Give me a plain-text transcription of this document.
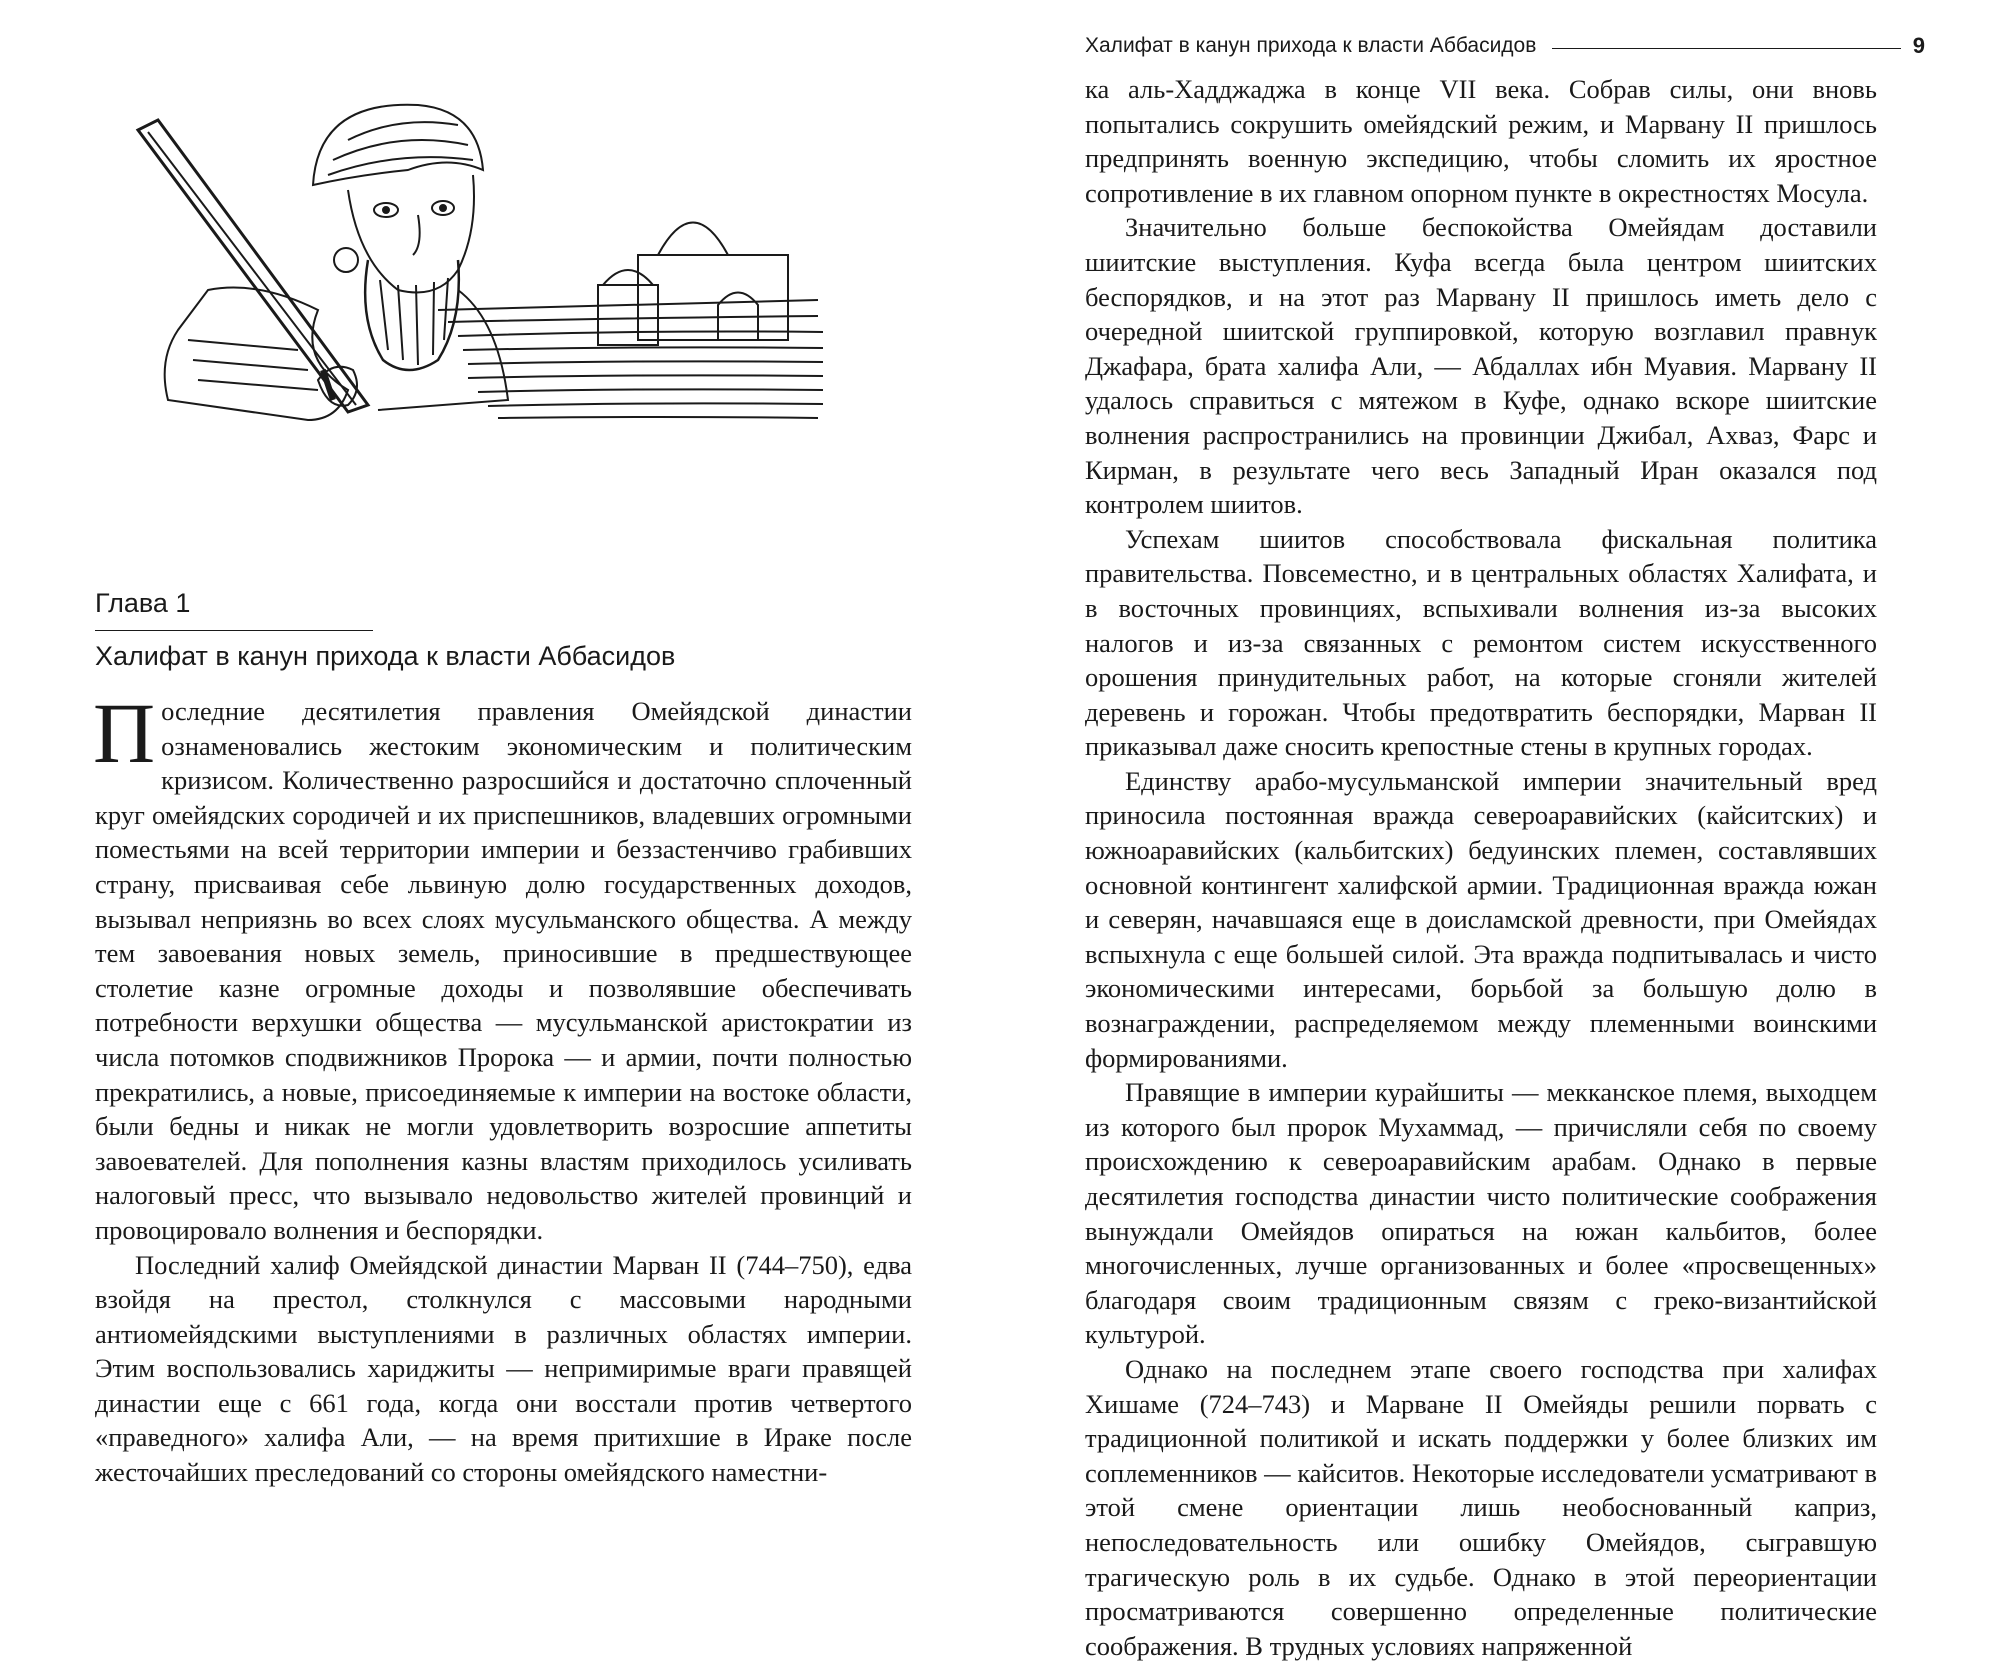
Глава 1
Халифат в канун прихода к власти Аббасидов

Последние десятилетия правления Омейядской династии ознаменовались жестоким экономическим и политическим кризисом. Количественно разросшийся и достаточно сплоченный круг омейядских сородичей и их приспешников, владевших огромными поместьями на всей территории империи и беззастенчиво грабивших страну, присваивая себе львиную долю государственных доходов, вызывал неприязнь во всех слоях мусульманского общества. А между тем завоевания новых земель, приносившие в предшествующее столетие казне огромные доходы и позволявшие обеспечивать потребности верхушки общества — мусульманской аристократии из числа потомков сподвижников Пророка — и армии, почти полностью прекратились, а новые, присоединяемые к империи на востоке области, были бедны и никак не могли удовлетворить возросшие аппетиты завоевателей. Для пополнения казны властям приходилось усиливать налоговый пресс, что вызывало недовольство жителей провинций и провоцировало волнения и беспорядки.

Последний халиф Омейядской династии Марван II (744–750), едва взойдя на престол, столкнулся с массовыми народными антиомейядскими выступлениями в различных областях империи. Этим воспользовались хариджиты — непримиримые враги правящей династии еще с 661 года, когда они восстали против четвертого «праведного» халифа Али, — на время притихшие в Ираке после жесточайших преследований со стороны омейядского наместни-

Халифат в канун прихода к власти Аббасидов	9

ка аль-Хадджаджа в конце VII века. Собрав силы, они вновь попытались сокрушить омейядский режим, и Марвану II пришлось предпринять военную экспедицию, чтобы сломить их яростное сопротивление в их главном опорном пункте в окрестностях Мосула.

Значительно больше беспокойства Омейядам доставили шиитские выступления. Куфа всегда была центром шиитских беспорядков, и на этот раз Марвану II пришлось иметь дело с очередной шиитской группировкой, которую возглавил правнук Джафара, брата халифа Али, — Абдаллах ибн Муавия. Марвану II удалось справиться с мятежом в Куфе, однако вскоре шиитские волнения распространились на провинции Джибал, Ахваз, Фарс и Кирман, в результате чего весь Западный Иран оказался под контролем шиитов.

Успехам шиитов способствовала фискальная политика правительства. Повсеместно, и в центральных областях Халифата, и в восточных провинциях, вспыхивали волнения из-за высоких налогов и из-за связанных с ремонтом систем искусственного орошения принудительных работ, на которые сгоняли жителей деревень и горожан. Чтобы предотвратить беспорядки, Марван II приказывал даже сносить крепостные стены в крупных городах.

Единству арабо-мусульманской империи значительный вред приносила постоянная вражда североаравийских (кайситских) и южноаравийских (кальбитских) бедуинских племен, составлявших основной контингент халифской армии. Традиционная вражда южан и северян, начавшаяся еще в доисламской древности, при Омейядах вспыхнула с еще большей силой. Эта вражда подпитывалась и чисто экономическими интересами, борьбой за большую долю в вознаграждении, распределяемом между племенными воинскими формированиями.

Правящие в империи курайшиты — мекканское племя, выходцем из которого был пророк Мухаммад, — причисляли себя по своему происхождению к североаравийским арабам. Однако в первые десятилетия господства династии чисто политические соображения вынуждали Омейядов опираться на южан кальбитов, более многочисленных, лучше организованных и более «просвещенных» благодаря своим традиционным связям с греко-византийской культурой.

Однако на последнем этапе своего господства при халифах Хишаме (724–743) и Марване II Омейяды решили порвать с традиционной политикой и искать поддержки у более близких им соплеменников — кайситов. Некоторые исследователи усматривают в этой смене ориентации лишь необоснованный каприз, непоследовательность или ошибку Омейядов, сыгравшую трагическую роль в их судьбе. Однако в этой переориентации просматриваются совершенно определенные политические соображения. В трудных условиях напряженной
